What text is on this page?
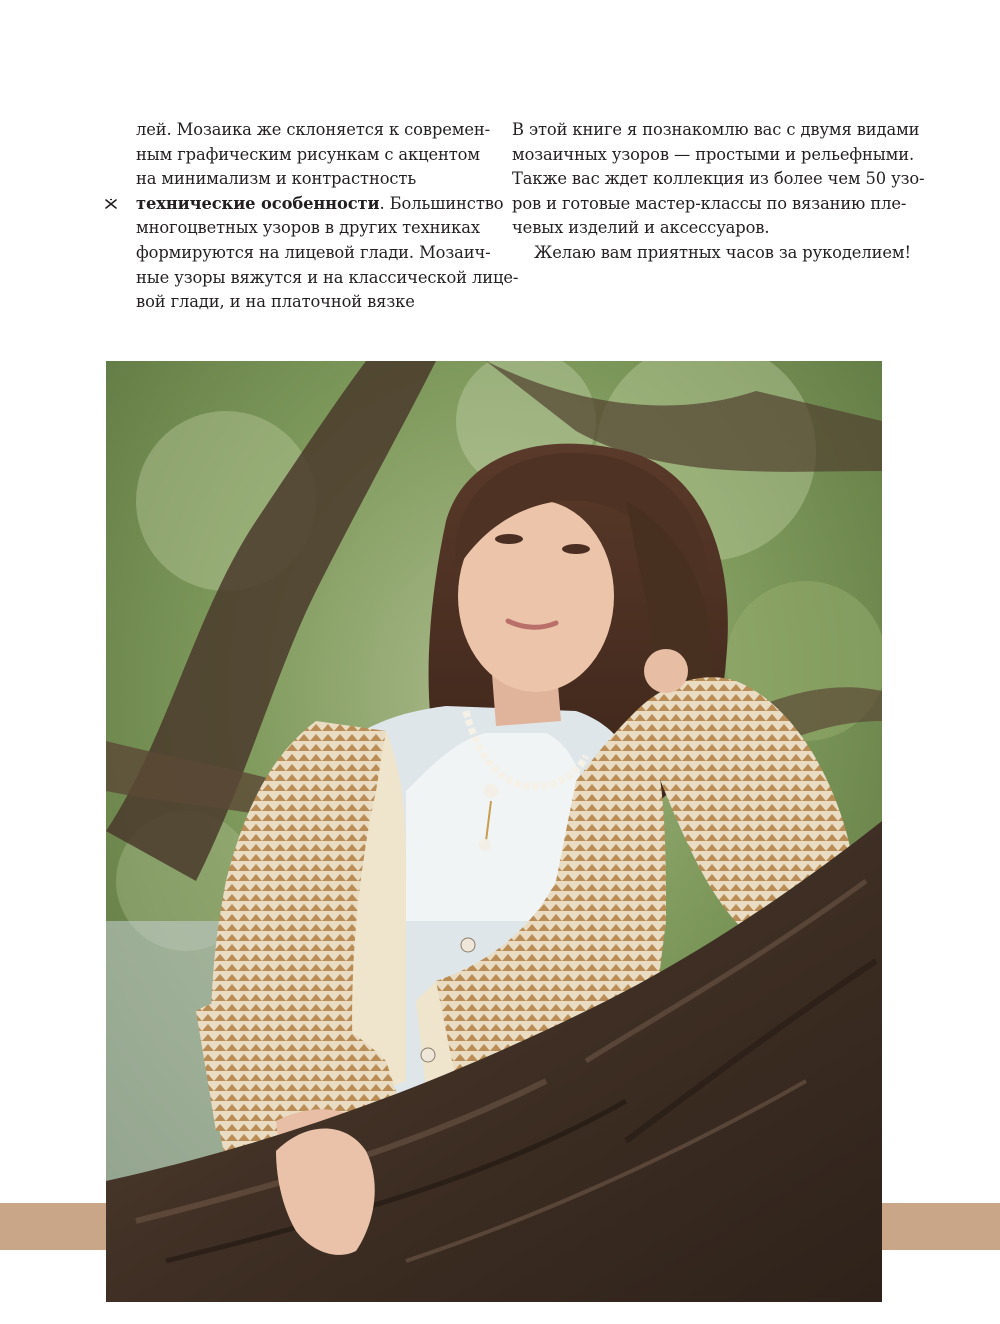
лей. Мозаика же склоняется к современ-
ным графическим рисункам с акцентом
на минимализм и контрастность
технические особенности. Большинство
многоцветных узоров в других техниках
формируются на лицевой глади. Мозаич-
ные узоры вяжутся и на классической лице-
вой глади, и на платочной вязке
В этой книге я познакомлю вас с двумя видами
мозаичных узоров — простыми и рельефными.
Также вас ждет коллекция из более чем 50 узо-
ров и готовые мастер-классы по вязанию пле-
чевых изделий и аксессуаров.
Желаю вам приятных часов за рукоделием!
